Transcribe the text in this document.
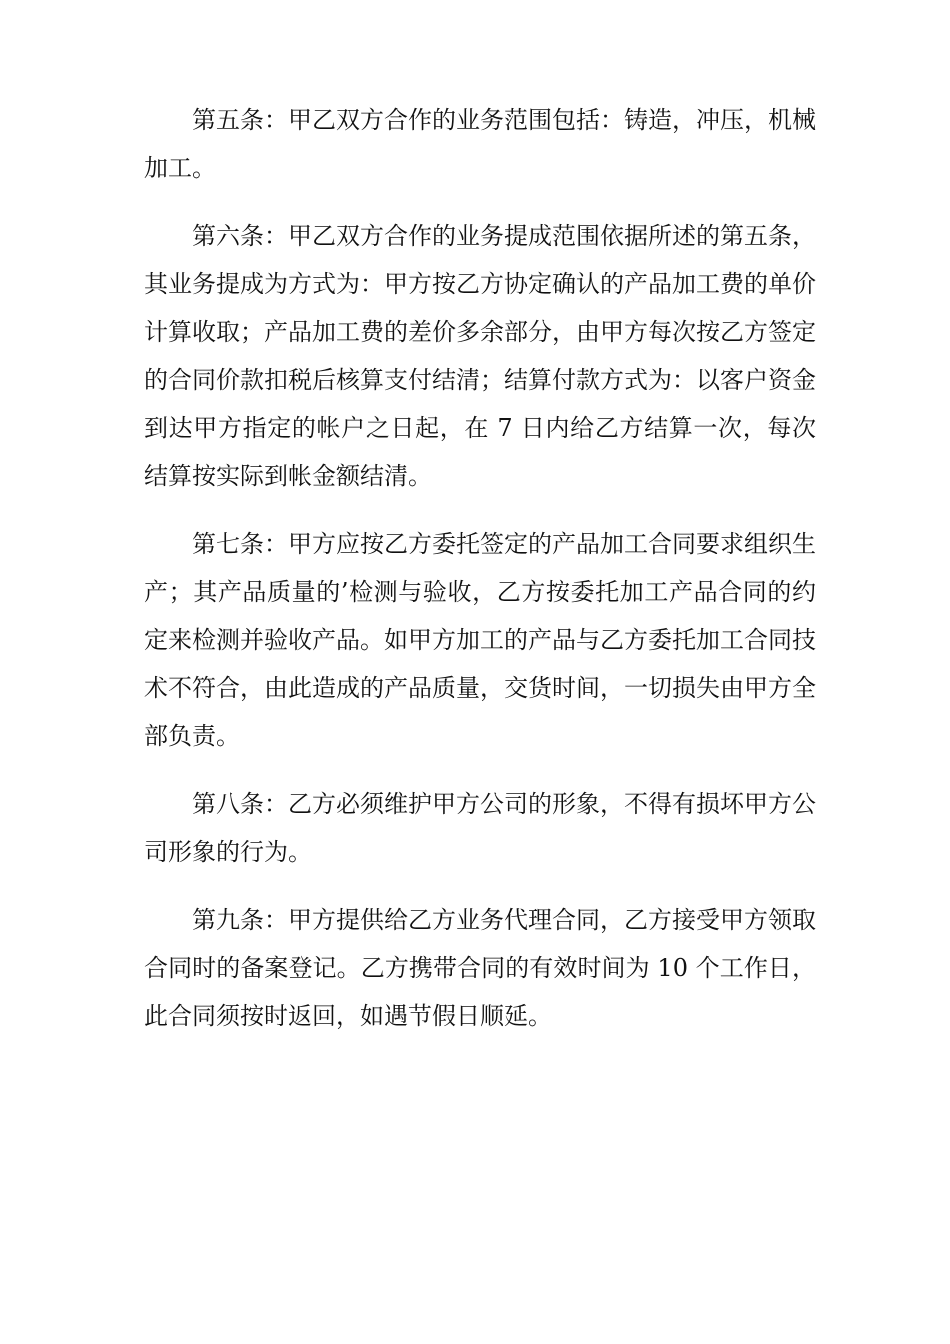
第五条：甲乙双方合作的业务范围包括：铸造，冲压，机械加工。

第六条：甲乙双方合作的业务提成范围依据所述的第五条，其业务提成为方式为：甲方按乙方协定确认的产品加工费的单价计算收取；产品加工费的差价多余部分，由甲方每次按乙方签定的合同价款扣税后核算支付结清；结算付款方式为：以客户资金到达甲方指定的帐户之日起，在 7 日内给乙方结算一次，每次结算按实际到帐金额结清。

第七条：甲方应按乙方委托签定的产品加工合同要求组织生产；其产品质量的’检测与验收，乙方按委托加工产品合同的约定来检测并验收产品。如甲方加工的产品与乙方委托加工合同技术不符合，由此造成的产品质量，交货时间，一切损失由甲方全部负责。

第八条：乙方必须维护甲方公司的形象，不得有损坏甲方公司形象的行为。

第九条：甲方提供给乙方业务代理合同，乙方接受甲方领取合同时的备案登记。乙方携带合同的有效时间为 10 个工作日，此合同须按时返回，如遇节假日顺延。
